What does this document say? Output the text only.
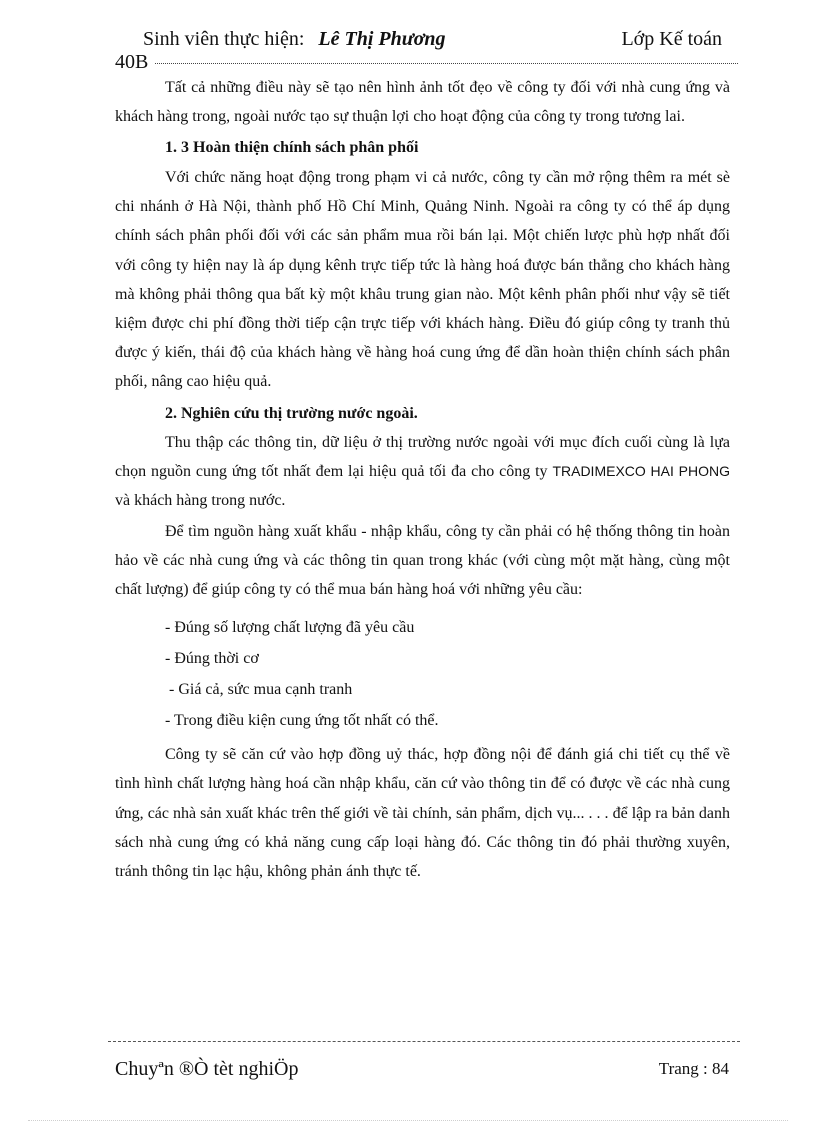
Sinh viên thực hiện: Lê Thị Phương	Lớp Kế toán
40B

Tất cả những điều này sẽ tạo nên hình ảnh tốt đẹo về công ty đối với nhà cung ứng và khách hàng trong, ngoài nước tạo sự thuận lợi cho hoạt động của công ty trong tương lai.

1. 3 Hoàn thiện chính sách phân phối

Với chức năng hoạt động trong phạm vi cả nước, công ty cần mở rộng thêm ra mét sè chi nhánh ở Hà Nội, thành phố Hồ Chí Minh, Quảng Ninh. Ngoài ra công ty có thể áp dụng chính sách phân phối đối với các sản phẩm mua rồi bán lại. Một chiến lược phù hợp nhất đối với công ty hiện nay là áp dụng kênh trực tiếp tức là hàng hoá được bán thẳng cho khách hàng mà không phải thông qua bất kỳ một khâu trung gian nào. Một kênh phân phối như vậy sẽ tiết kiệm được chi phí đồng thời tiếp cận trực tiếp với khách hàng. Điều đó giúp công ty tranh thủ được ý kiến, thái độ của khách hàng về hàng hoá cung ứng để dần hoàn thiện chính sách phân phối, nâng cao hiệu quả.

2. Nghiên cứu thị trường nước ngoài.

Thu thập các thông tin, dữ liệu ở thị trường nước ngoài với mục đích cuối cùng là lựa chọn nguồn cung ứng tốt nhất đem lại hiệu quả tối đa cho công ty TRADIMEXCO HAI PHONG và khách hàng trong nước.

Để tìm nguồn hàng xuất khẩu - nhập khẩu, công ty cần phải có hệ thống thông tin hoàn hảo về các nhà cung ứng và các thông tin quan trong khác (với cùng một mặt hàng, cùng một chất lượng) để giúp công ty có thể mua bán hàng hoá với những yêu cầu:

- Đúng số lượng chất lượng đã yêu cầu
- Đúng thời cơ
- Giá cả, sức mua cạnh tranh
- Trong điều kiện cung ứng tốt nhất có thể.

Công ty sẽ căn cứ vào hợp đồng uỷ thác, hợp đồng nội để đánh giá chi tiết cụ thể về tình hình chất lượng hàng hoá cần nhập khẩu, căn cứ vào thông tin để có được về các nhà cung ứng, các nhà sản xuất khác trên thế giới về tài chính, sản phẩm, dịch vụ... . . . để lập ra bản danh sách nhà cung ứng có khả năng cung cấp loại hàng đó. Các thông tin đó phải thường xuyên, tránh thông tin lạc hậu, không phản ánh thực tế.

Chuyªn ®Ò tèt nghiÖp	Trang : 84
